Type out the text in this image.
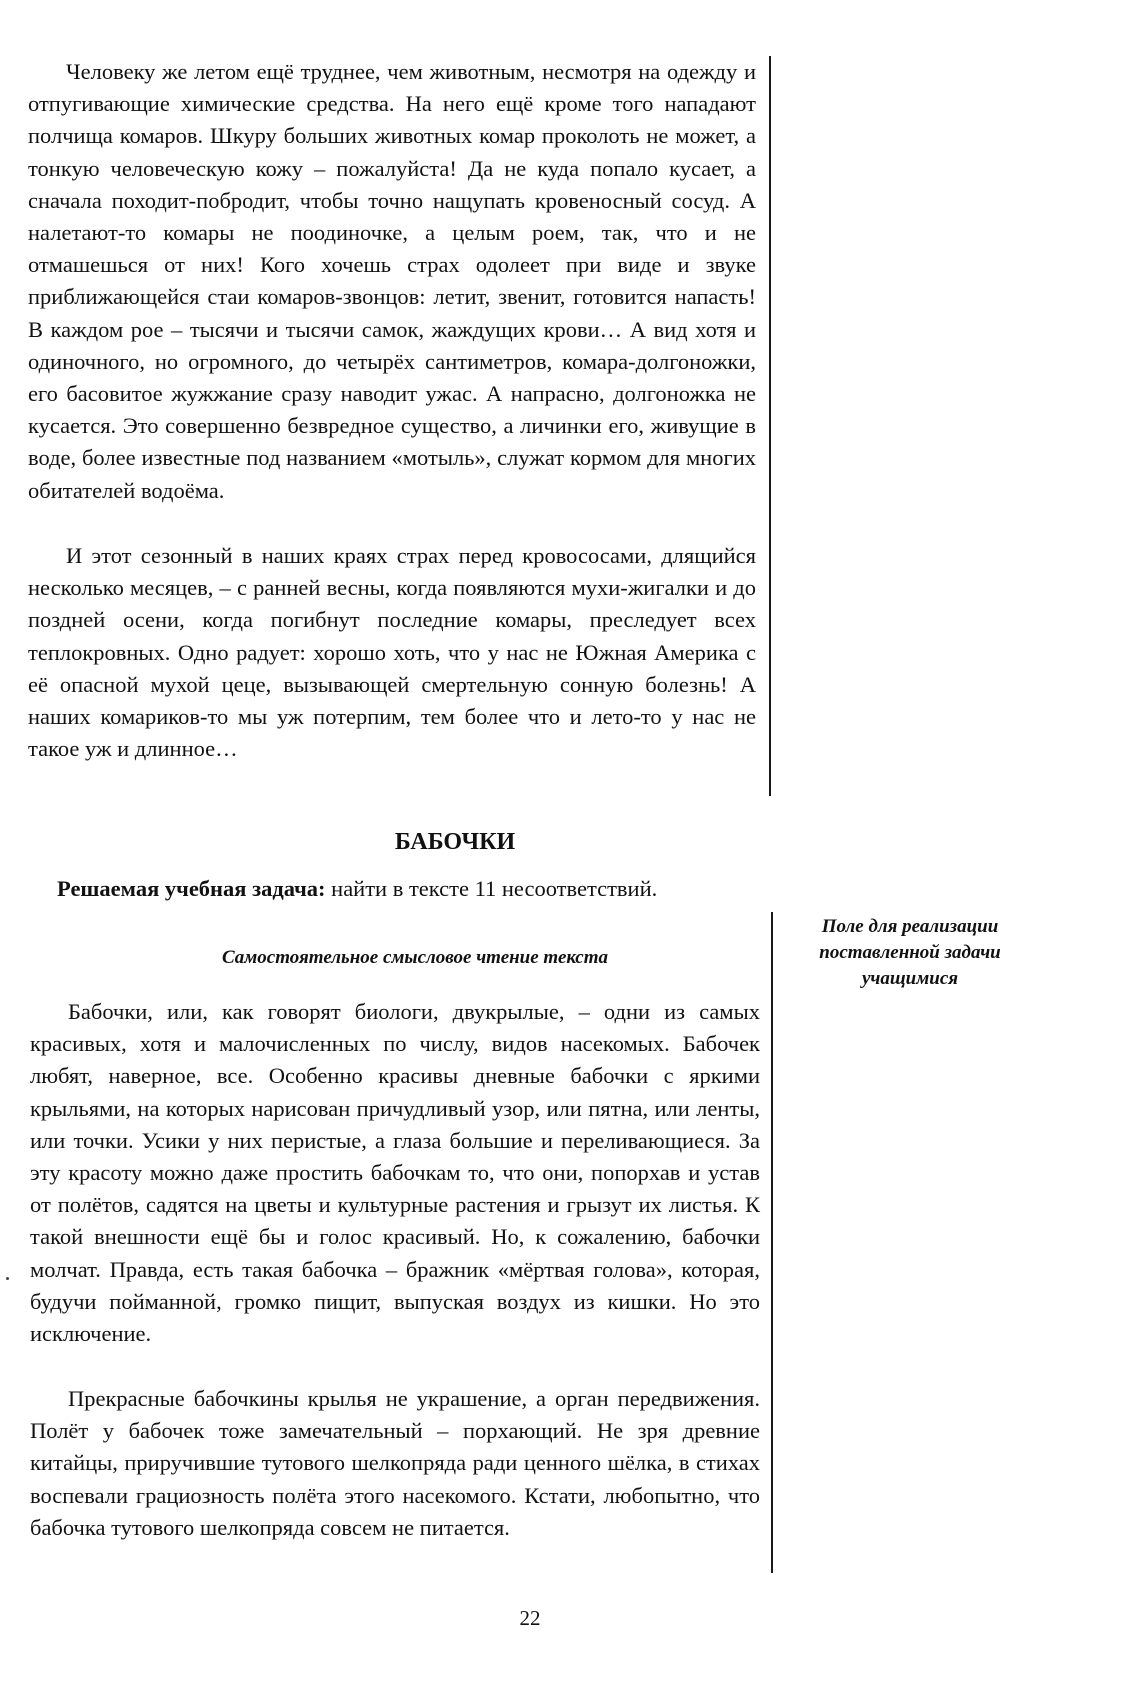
Человеку же летом ещё труднее, чем животным, несмотря на одежду и отпугивающие химические средства. На него ещё кроме того нападают полчища комаров. Шкуру больших животных комар проколоть не может, а тонкую человеческую кожу – пожалуйста! Да не куда попало кусает, а сначала походит-побродит, чтобы точно нащупать кровеносный сосуд. А налетают-то комары не поодиночке, а целым роем, так, что и не отмашешься от них! Кого хочешь страх одолеет при виде и звуке приближающейся стаи комаров-звонцов: летит, звенит, готовится напасть! В каждом рое – тысячи и тысячи самок, жаждущих крови… А вид хотя и одиночного, но огромного, до четырёх сантиметров, комара-долгоножки, его басовитое жужжание сразу наводит ужас. А напрасно, долгоножка не кусается. Это совершенно безвредное существо, а личинки его, живущие в воде, более известные под названием «мотыль», служат кормом для многих обитателей водоёма.

И этот сезонный в наших краях страх перед кровососами, длящийся несколько месяцев, – с ранней весны, когда появляются мухи-жигалки и до поздней осени, когда погибнут последние комары, преследует всех теплокровных. Одно радует: хорошо хоть, что у нас не Южная Америка с её опасной мухой цеце, вызывающей смертельную сонную болезнь! А наших комариков-то мы уж потерпим, тем более что и лето-то у нас не такое уж и длинное…

БАБОЧКИ

Решаемая учебная задача: найти в тексте 11 несоответствий.

Самостоятельное смысловое чтение текста

Поле для реализации поставленной задачи учащимися

Бабочки, или, как говорят биологи, двукрылые, – одни из самых красивых, хотя и малочисленных по числу, видов насекомых. Бабочек любят, наверное, все. Особенно красивы дневные бабочки с яркими крыльями, на которых нарисован причудливый узор, или пятна, или ленты, или точки. Усики у них перистые, а глаза большие и переливающиеся. За эту красоту можно даже простить бабочкам то, что они, попорхав и устав от полётов, садятся на цветы и культурные растения и грызут их листья. К такой внешности ещё бы и голос красивый. Но, к сожалению, бабочки молчат. Правда, есть такая бабочка – бражник «мёртвая голова», которая, будучи пойманной, громко пищит, выпуская воздух из кишки. Но это исключение.

Прекрасные бабочкины крылья не украшение, а орган передвижения. Полёт у бабочек тоже замечательный – порхающий. Не зря древние китайцы, приручившие тутового шелкопряда ради ценного шёлка, в стихах воспевали грациозность полёта этого насекомого. Кстати, любопытно, что бабочка тутового шелкопряда совсем не питается.

22
